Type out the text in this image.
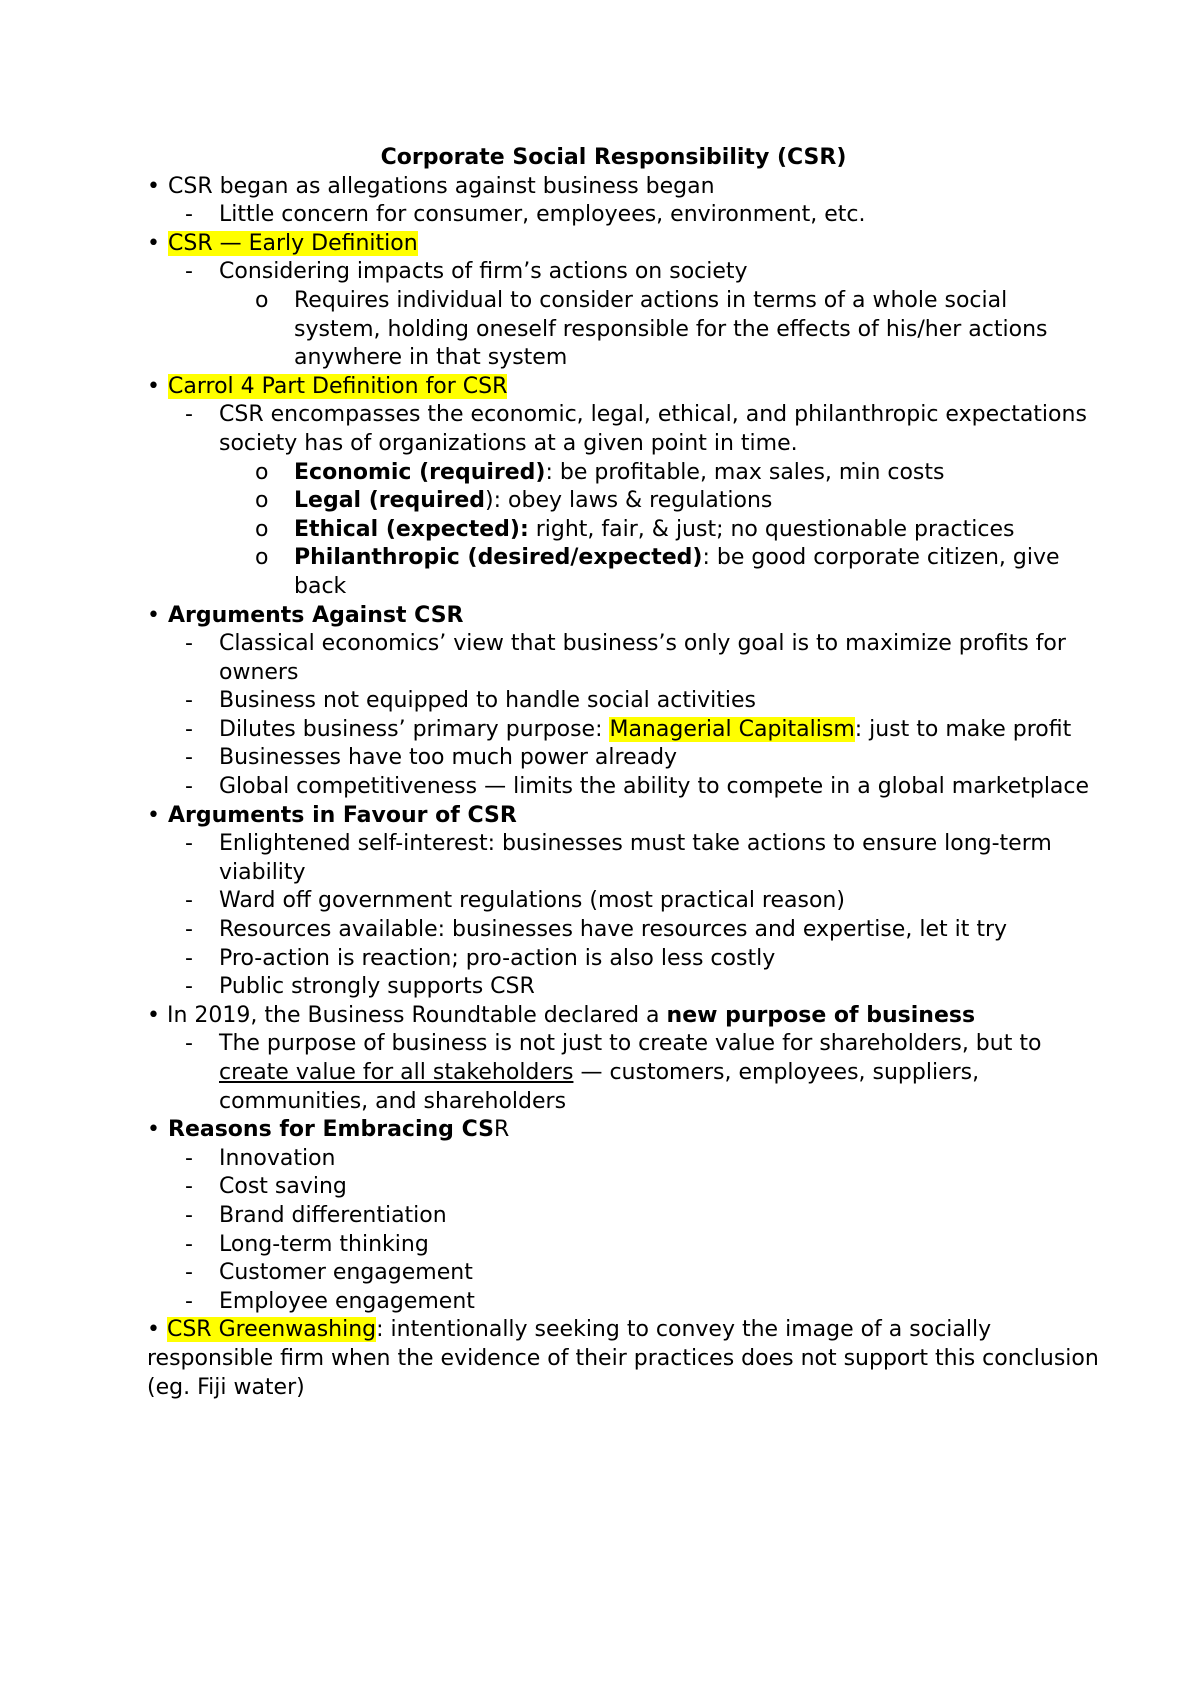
Corporate Social Responsibility (CSR)
• CSR began as allegations against business began
- Little concern for consumer, employees, environment, etc.
• CSR — Early Definition
- Considering impacts of firm’s actions on society
o Requires individual to consider actions in terms of a whole social system, holding oneself responsible for the effects of his/her actions anywhere in that system
• Carrol 4 Part Definition for CSR
- CSR encompasses the economic, legal, ethical, and philanthropic expectations society has of organizations at a given point in time.
o Economic (required): be profitable, max sales, min costs
o Legal (required): obey laws & regulations
o Ethical (expected): right, fair, & just; no questionable practices
o Philanthropic (desired/expected): be good corporate citizen, give back
• Arguments Against CSR
- Classical economics’ view that business’s only goal is to maximize profits for owners
- Business not equipped to handle social activities
- Dilutes business’ primary purpose: Managerial Capitalism: just to make profit
- Businesses have too much power already
- Global competitiveness — limits the ability to compete in a global marketplace
• Arguments in Favour of CSR
- Enlightened self-interest: businesses must take actions to ensure long-term viability
- Ward off government regulations (most practical reason)
- Resources available: businesses have resources and expertise, let it try
- Pro-action is reaction; pro-action is also less costly
- Public strongly supports CSR
• In 2019, the Business Roundtable declared a new purpose of business
- The purpose of business is not just to create value for shareholders, but to create value for all stakeholders — customers, employees, suppliers, communities, and shareholders
• Reasons for Embracing CSR
- Innovation
- Cost saving
- Brand differentiation
- Long-term thinking
- Customer engagement
- Employee engagement
• CSR Greenwashing: intentionally seeking to convey the image of a socially responsible firm when the evidence of their practices does not support this conclusion (eg. Fiji water)
